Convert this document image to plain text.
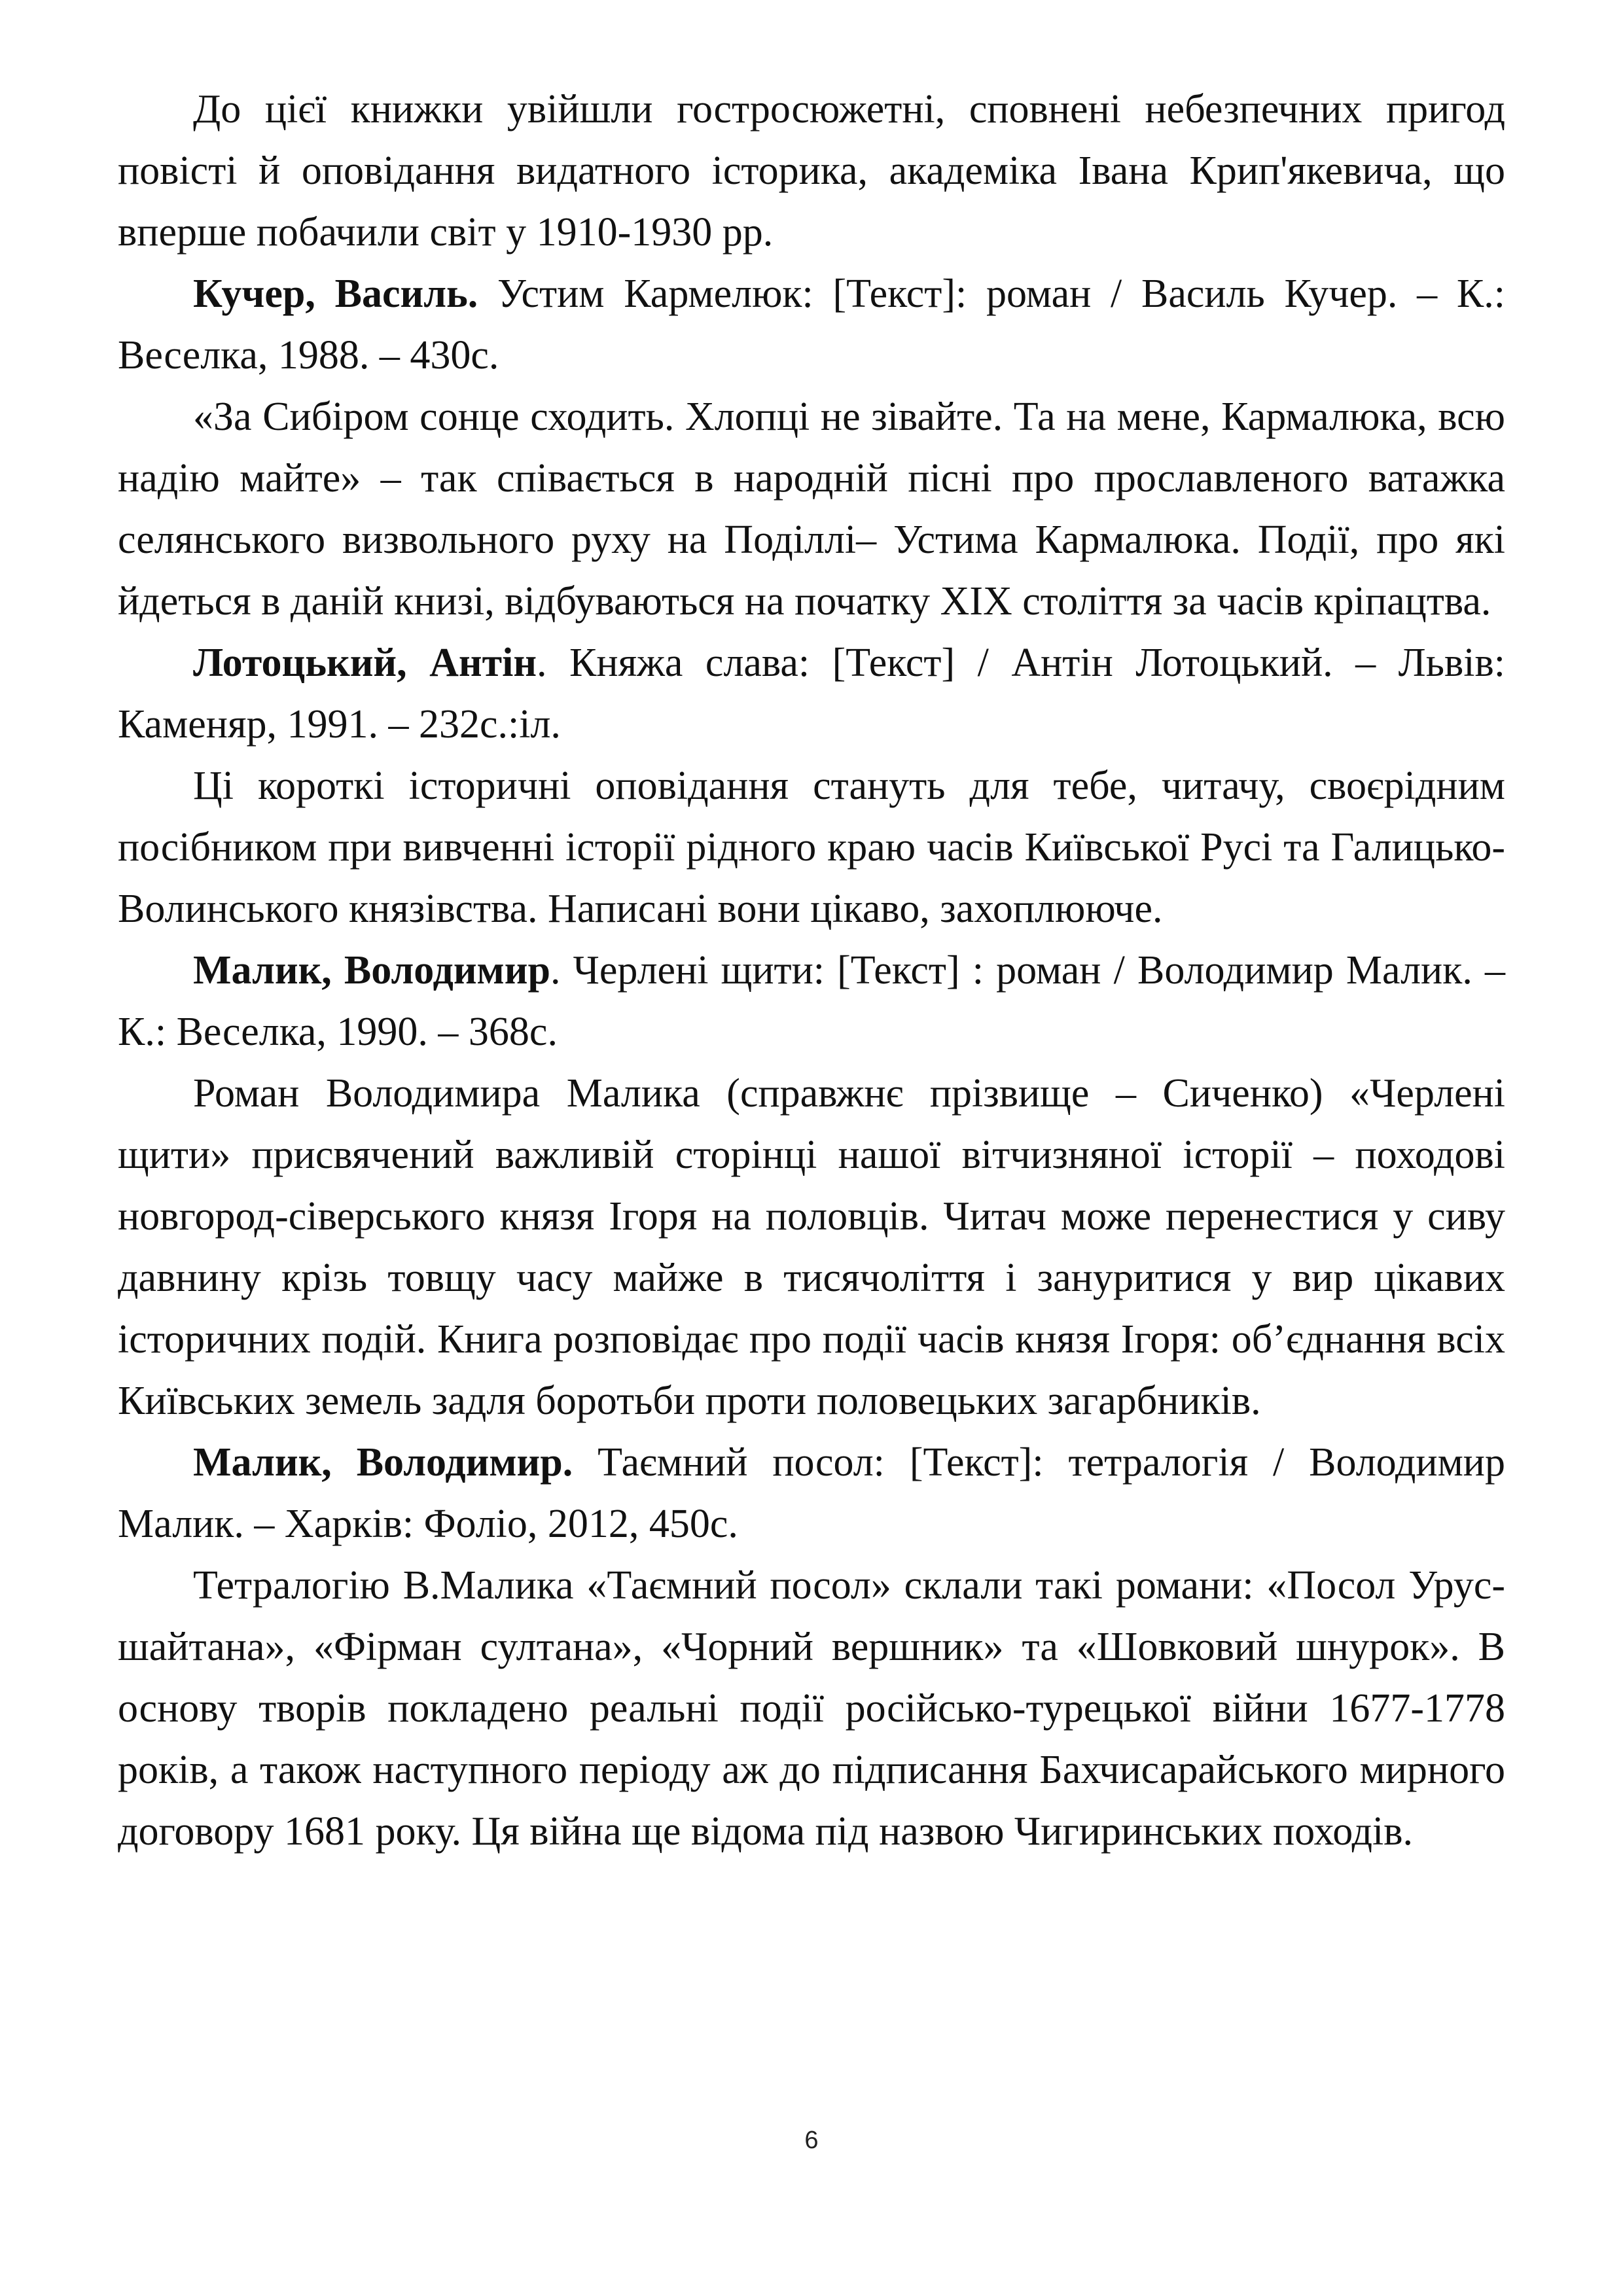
До цієї книжки увійшли гостросюжетні, сповнені небезпечних пригод повісті й оповідання видатного історика, академіка Івана Крип'якевича, що вперше побачили світ у 1910-1930 рр.

Кучер, Василь. Устим Кармелюк: [Текст]: роман / Василь Кучер. – К.: Веселка, 1988. – 430с.

«За Сибіром сонце сходить. Хлопці не зівайте. Та на мене, Кармалюка, всю надію майте» – так співається в народній пісні про прославленого ватажка селянського визвольного руху на Поділлі– Устима Кармалюка. Події, про які йдеться в даній книзі, відбуваються на початку ХІХ століття за часів кріпацтва.

Лотоцький, Антін. Княжа слава: [Текст] / Антін Лотоцький. – Львів: Каменяр, 1991. – 232с.:іл.

Ці короткі історичні оповідання стануть для тебе, читачу, своєрідним посібником при вивченні історії рідного краю часів Київської Русі та Галицько-Волинського князівства. Написані вони цікаво, захоплююче.

Малик, Володимир. Черлені щити: [Текст] : роман / Володимир Малик. – К.: Веселка, 1990. – 368с.

Роман Володимира Малика (справжнє прізвище – Сиченко) «Черлені щити» присвячений важливій сторінці нашої вітчизняної історії – походові новгород-сіверського князя Ігоря на половців. Читач може перенестися у сиву давнину крізь товщу часу майже в тисячоліття і зануритися у вир цікавих історичних подій. Книга розповідає про події часів князя Ігоря: об’єднання всіх Київських земель задля боротьби проти половецьких загарбників.

Малик, Володимир. Таємний посол: [Текст]: тетралогія / Володимир Малик. – Харків: Фоліо, 2012, 450с.

Тетралогію В.Малика «Таємний посол» склали такі романи: «Посол Урус-шайтана», «Фірман султана», «Чорний вершник» та «Шовковий шнурок». В основу творів покладено реальні події російсько-турецької війни 1677-1778 років, а також наступного періоду аж до підписання Бахчисарайського мирного договору 1681 року. Ця війна ще відома під назвою Чигиринських походів.

6
